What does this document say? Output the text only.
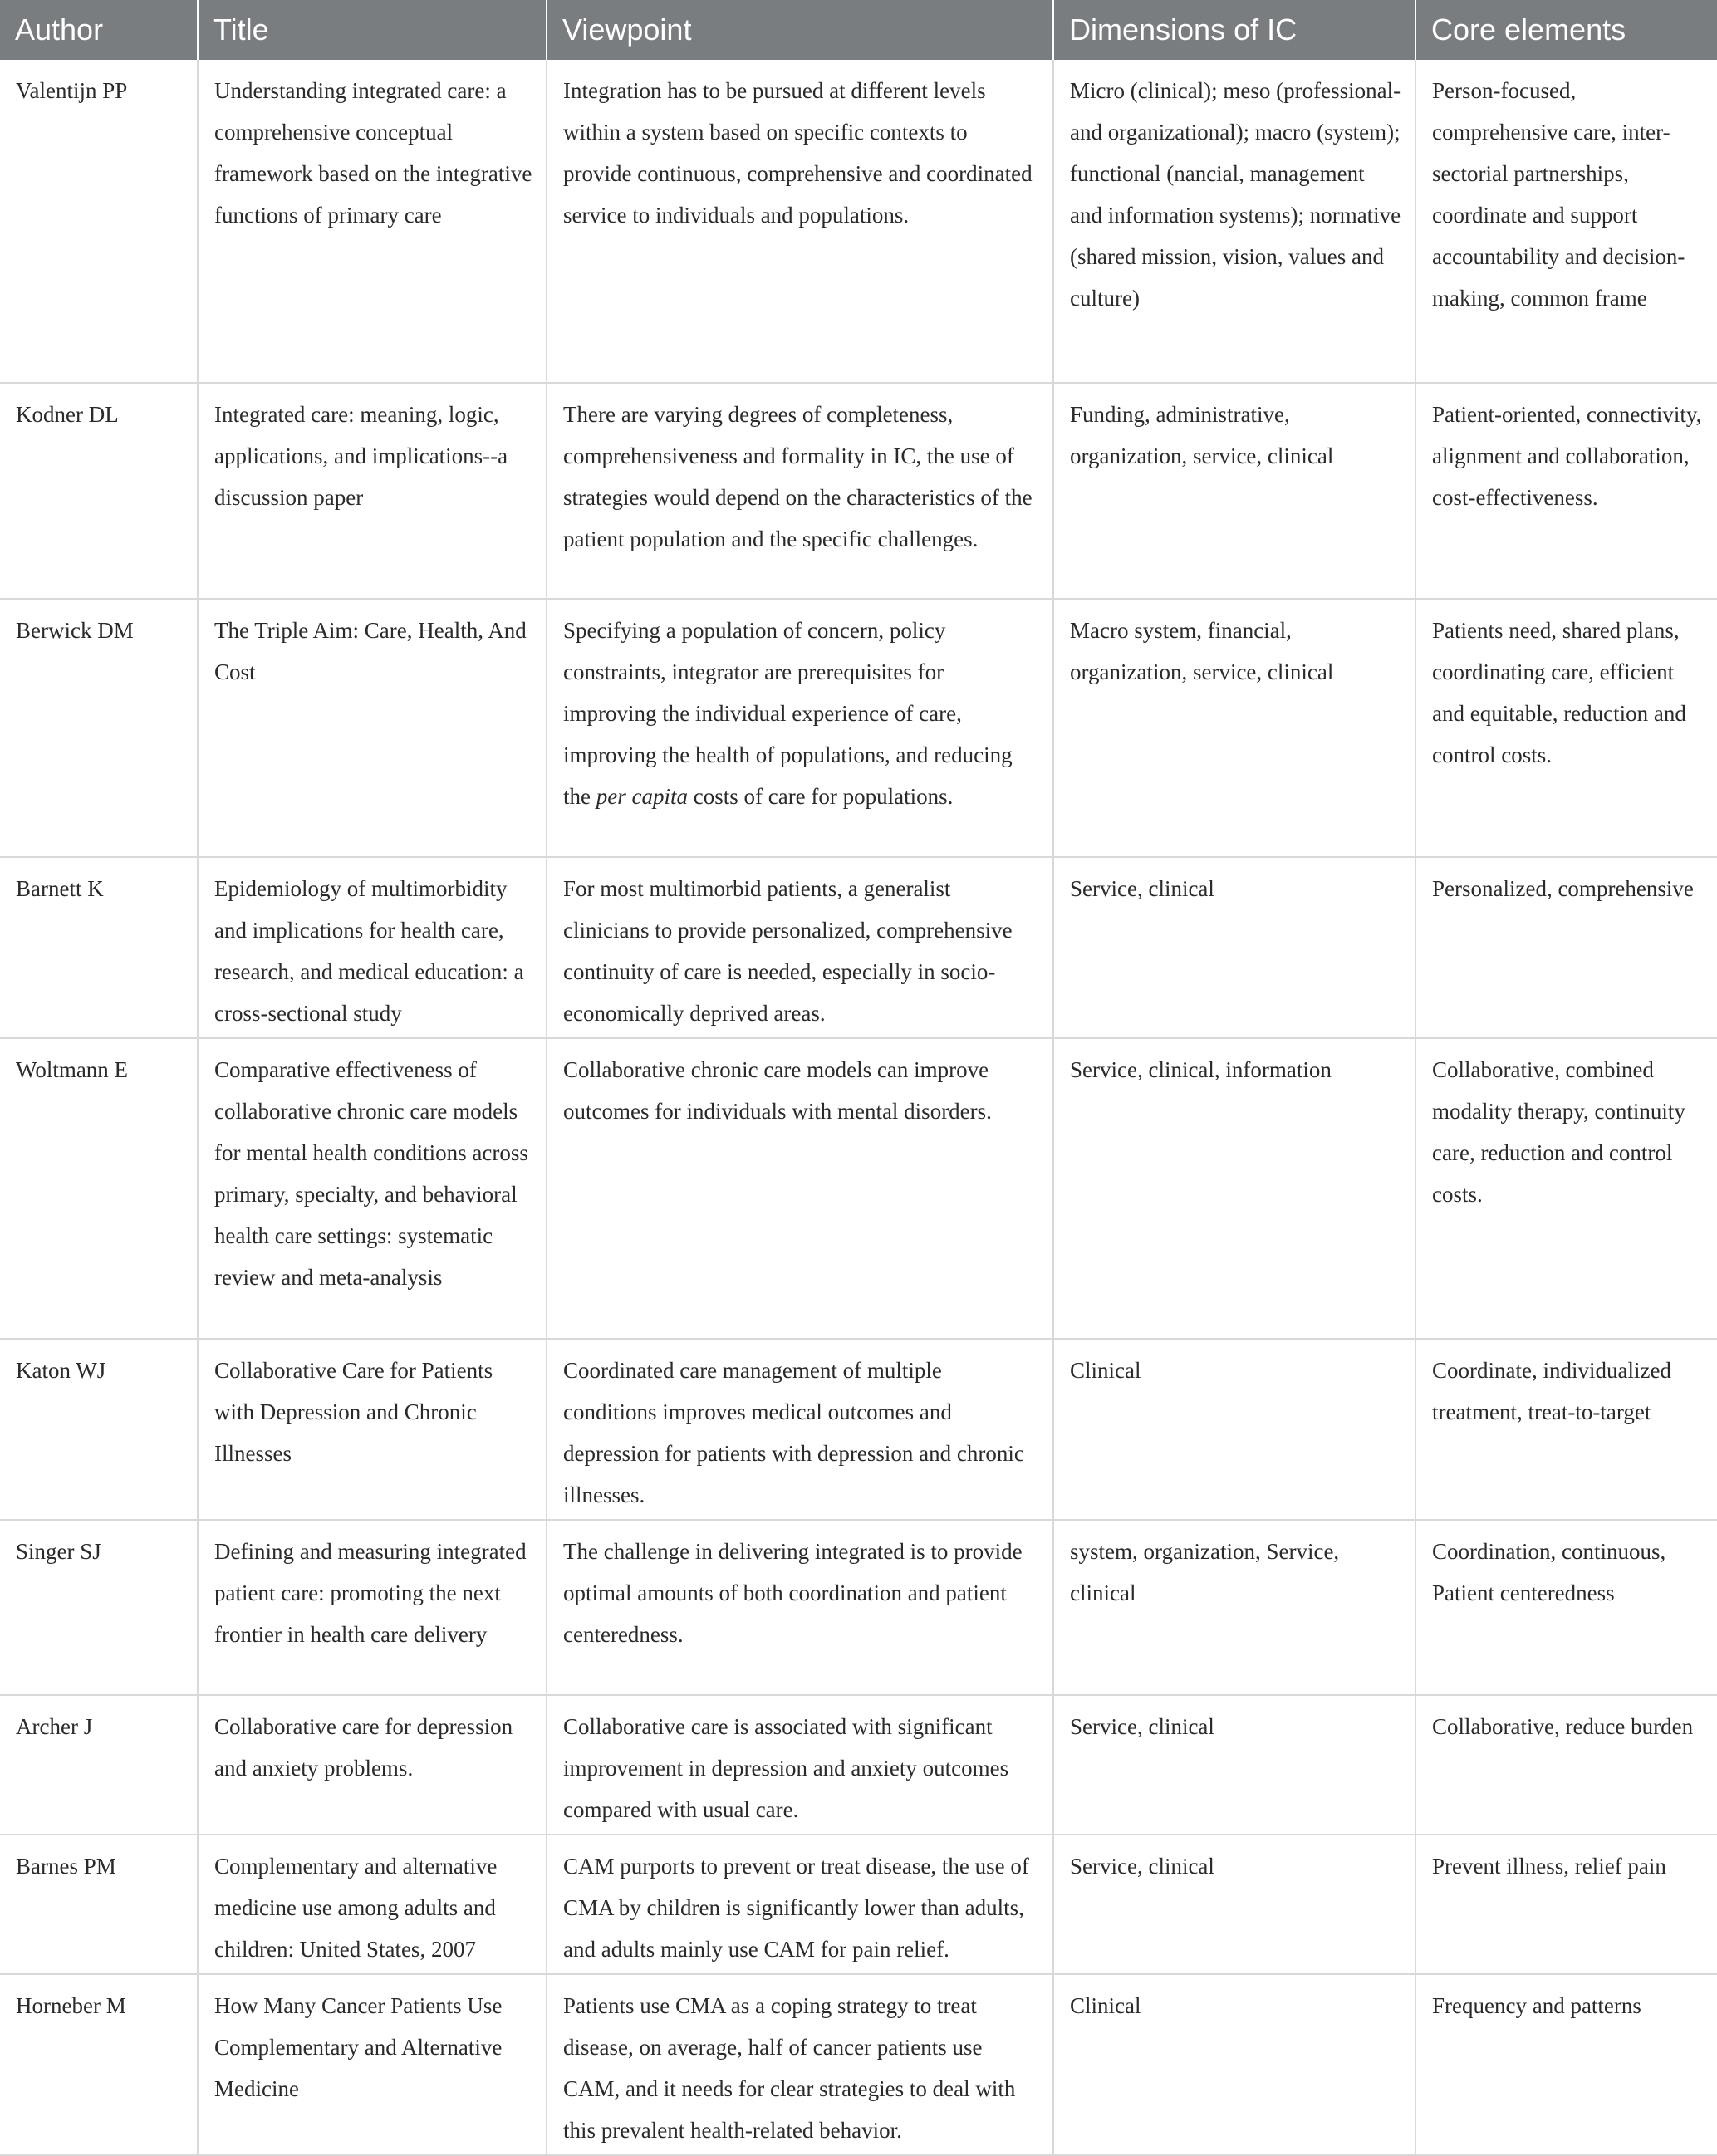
Author	Title	Viewpoint	Dimensions of IC	Core elements
Valentijn PP	Understanding integrated care: a comprehensive conceptual framework based on the integrative functions of primary care	Integration has to be pursued at different levels within a system based on specific contexts to provide continuous, comprehensive and coordinated service to individuals and populations.	Micro (clinical); meso (professional-and organizational); macro (system); functional (nancial, management and information systems); normative (shared mission, vision, values and culture)	Person-focused, comprehensive care, inter-sectorial partnerships, coordinate and support accountability and decision-making, common frame
Kodner DL	Integrated care: meaning, logic, applications, and implications--a discussion paper	There are varying degrees of completeness, comprehensiveness and formality in IC, the use of strategies would depend on the characteristics of the patient population and the specific challenges.	Funding, administrative, organization, service, clinical	Patient-oriented, connectivity, alignment and collaboration, cost-effectiveness.
Berwick DM	The Triple Aim: Care, Health, And Cost	Specifying a population of concern, policy constraints, integrator are prerequisites for improving the individual experience of care, improving the health of populations, and reducing the per capita costs of care for populations.	Macro system, financial, organization, service, clinical	Patients need, shared plans, coordinating care, efficient and equitable, reduction and control costs.
Barnett K	Epidemiology of multimorbidity and implications for health care, research, and medical education: a cross-sectional study	For most multimorbid patients, a generalist clinicians to provide personalized, comprehensive continuity of care is needed, especially in socio-economically deprived areas.	Service, clinical	Personalized, comprehensive
Woltmann E	Comparative effectiveness of collaborative chronic care models for mental health conditions across primary, specialty, and behavioral health care settings: systematic review and meta-analysis	Collaborative chronic care models can improve outcomes for individuals with mental disorders.	Service, clinical, information	Collaborative, combined modality therapy, continuity care, reduction and control costs.
Katon WJ	Collaborative Care for Patients with Depression and Chronic Illnesses	Coordinated care management of multiple conditions improves medical outcomes and depression for patients with depression and chronic illnesses.	Clinical	Coordinate, individualized treatment, treat-to-target
Singer SJ	Defining and measuring integrated patient care: promoting the next frontier in health care delivery	The challenge in delivering integrated is to provide optimal amounts of both coordination and patient centeredness.	system, organization, Service, clinical	Coordination, continuous, Patient centeredness
Archer J	Collaborative care for depression and anxiety problems.	Collaborative care is associated with significant improvement in depression and anxiety outcomes compared with usual care.	Service, clinical	Collaborative, reduce burden
Barnes PM	Complementary and alternative medicine use among adults and children: United States, 2007	CAM purports to prevent or treat disease, the use of CMA by children is significantly lower than adults, and adults mainly use CAM for pain relief.	Service, clinical	Prevent illness, relief pain
Horneber M	How Many Cancer Patients Use Complementary and Alternative Medicine	Patients use CMA as a coping strategy to treat disease, on average, half of cancer patients use CAM, and it needs for clear strategies to deal with this prevalent health-related behavior.	Clinical	Frequency and patterns
